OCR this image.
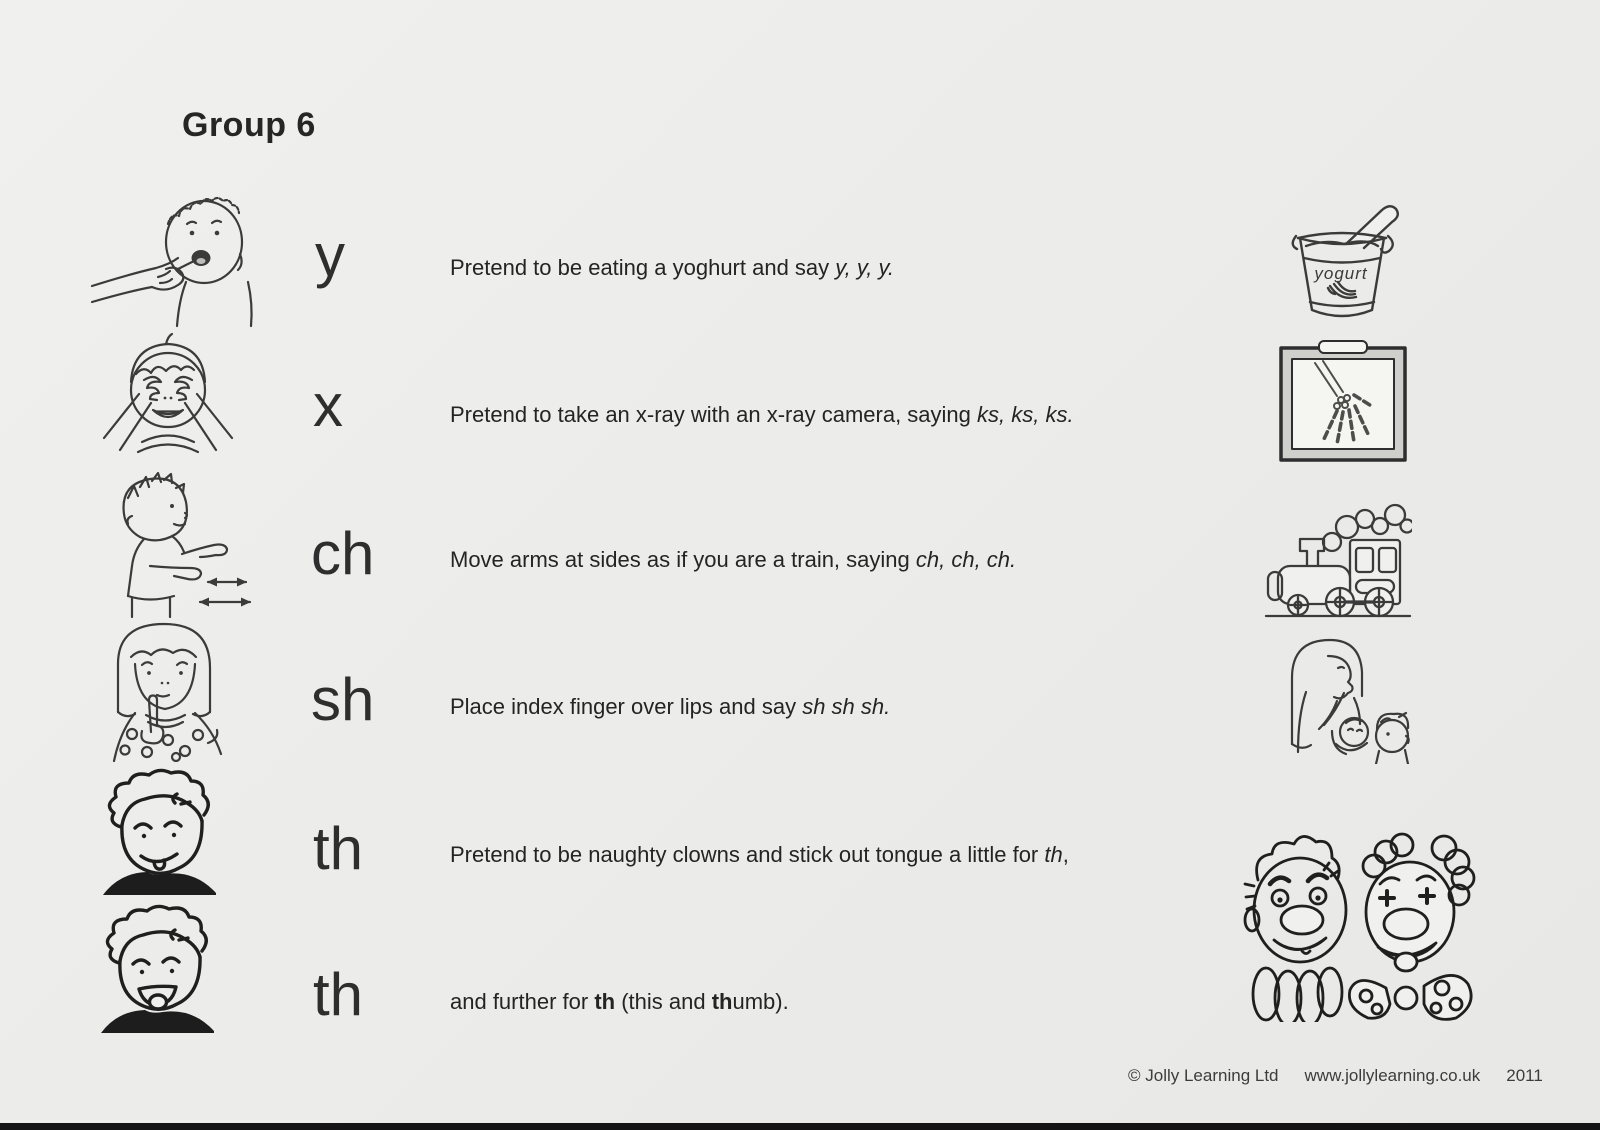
Group 6
y	Pretend to be eating a yoghurt and say y, y, y.	yogurt
x	Pretend to take an x-ray with an x-ray camera, saying ks, ks, ks.

ch	Move arms at sides as if you are a train, saying ch, ch, ch.

sh	Place index finger over lips and say sh sh sh.

th	Pretend to be naughty clowns and stick out tongue a little for th,

th	and further for th (this and thumb).

© Jolly Learning Ltd www.jollylearning.co.uk 2011
